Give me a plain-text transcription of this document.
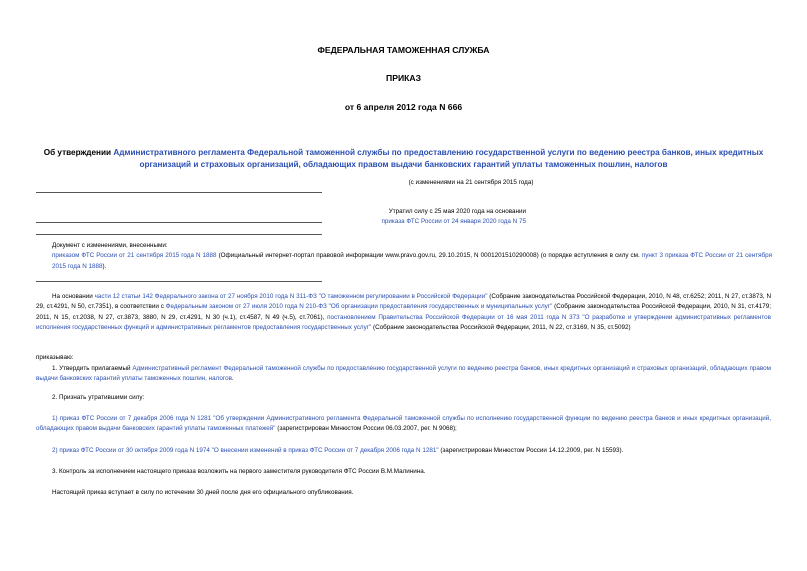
ФЕДЕРАЛЬНАЯ ТАМОЖЕННАЯ СЛУЖБА
ПРИКАЗ
от 6 апреля 2012 года N 666
Об утверждении Административного регламента Федеральной таможенной службы по предоставлению государственной услуги по ведению реестра банков, иных кредитных организаций и страховых организаций, обладающих правом выдачи банковских гарантий уплаты таможенных пошлин, налогов
(с изменениями на 21 сентября 2015 года)
Утратил силу с 25 мая 2020 года на основании
приказа ФТС России от 24 января 2020 года N 75
Документ с изменениями, внесенными:
приказом ФТС России от 21 сентября 2015 года N 1888 (Официальный интернет-портал правовой информации www.pravo.gov.ru, 29.10.2015, N 0001201510290008) (о порядке вступления в силу см. пункт 3 приказа ФТС России от 21 сентября 2015 года N 1888).
На основании части 12 статьи 142 Федерального закона от 27 ноября 2010 года N 311-ФЗ "О таможенном регулировании в Российской Федерации" (Собрание законодательства Российской Федерации, 2010, N 48, ст.6252; 2011, N 27, ст.3873, N 29, ст.4291, N 50, ст.7351), в соответствии с Федеральным законом от 27 июля 2010 года N 210-ФЗ "Об организации предоставления государственных и муниципальных услуг" (Собрание законодательства Российской Федерации, 2010, N 31, ст.4179; 2011, N 15, ст.2038, N 27, ст.3873, 3880, N 29, ст.4291, N 30 (ч.1), ст.4587, N 49 (ч.5), ст.7061), постановлением Правительства Российской Федерации от 16 мая 2011 года N 373 "О разработке и утверждении административных регламентов исполнения государственных функций и административных регламентов предоставления государственных услуг" (Собрание законодательства Российской Федерации, 2011, N 22, ст.3169, N 35, ст.5092)
приказываю:
1. Утвердить прилагаемый Административный регламент Федеральной таможенной службы по предоставлению государственной услуги по ведению реестра банков, иных кредитных организаций и страховых организаций, обладающих правом выдачи банковских гарантий уплаты таможенных пошлин, налогов.
2. Признать утратившими силу:
1) приказ ФТС России от 7 декабря 2006 года N 1281 "Об утверждении Административного регламента Федеральной таможенной службы по исполнению государственной функции по ведению реестра банков и иных кредитных организаций, обладающих правом выдачи банковских гарантий уплаты таможенных платежей" (зарегистрирован Минюстом России 06.03.2007, рег. N 9068);
2) приказ ФТС России от 30 октября 2009 года N 1974 "О внесении изменений в приказ ФТС России от 7 декабря 2006 года N 1281" (зарегистрирован Минюстом России 14.12.2009, рег. N 15593).
3. Контроль за исполнением настоящего приказа возложить на первого заместителя руководителя ФТС России В.М.Малинина.
Настоящий приказ вступает в силу по истечении 30 дней после дня его официального опубликования.
